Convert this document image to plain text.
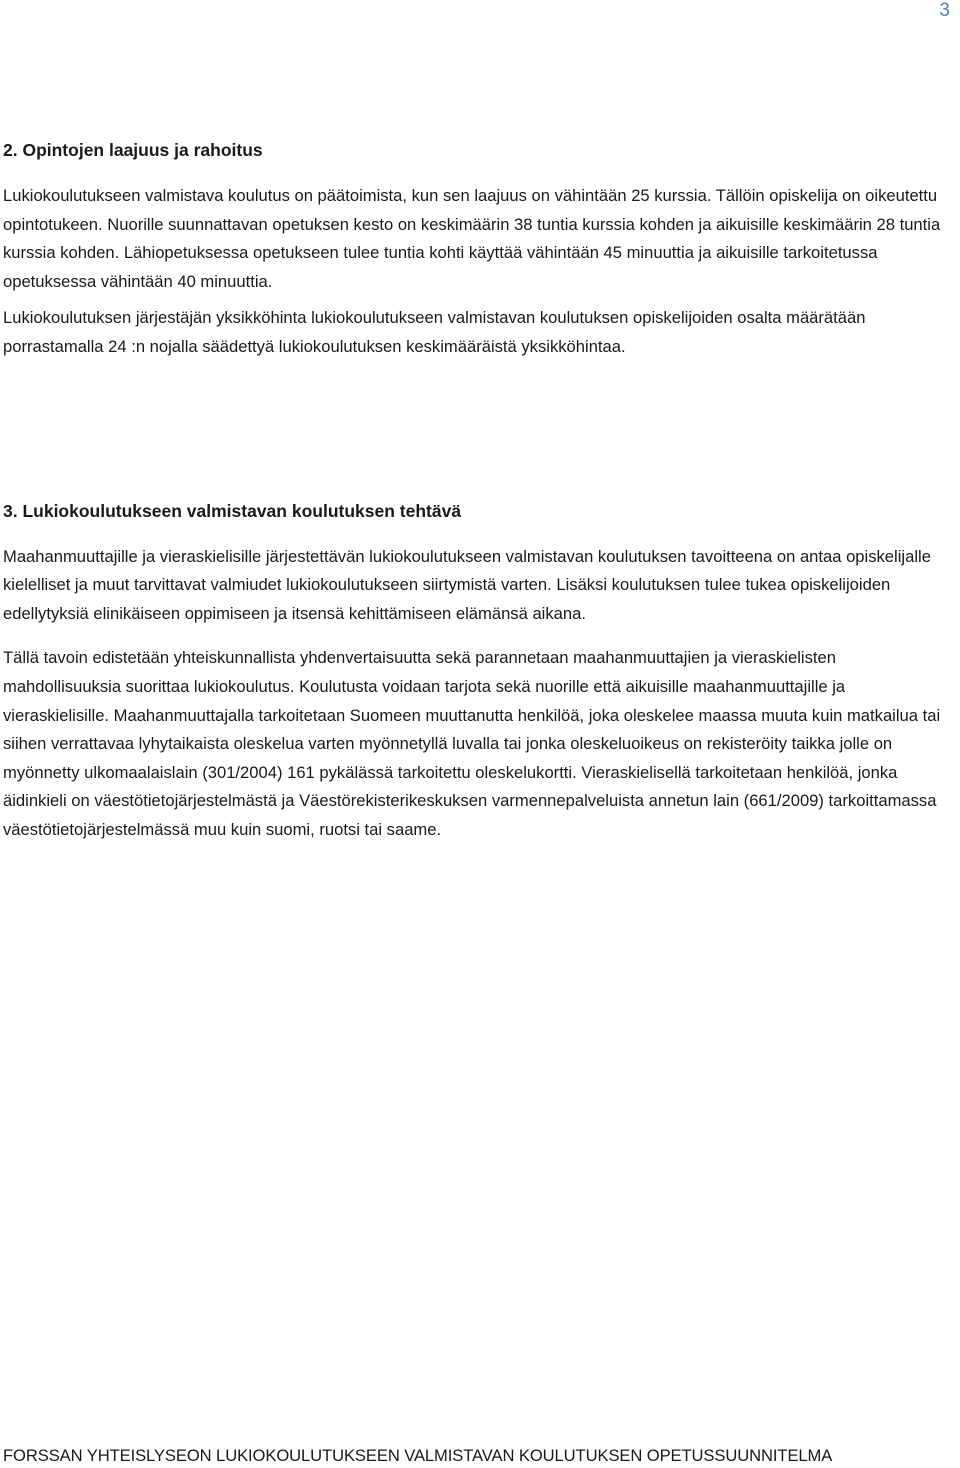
3
2. Opintojen laajuus ja rahoitus

Lukiokoulutukseen valmistava koulutus on päätoimista, kun sen laajuus on vähintään 25 kurssia. Tällöin opiskelija on oikeutettu opintotukeen. Nuorille suunnattavan opetuksen kesto on keskimäärin 38 tuntia kurssia kohden ja aikuisille keskimäärin 28 tuntia kurssia kohden. Lähiopetuksessa opetukseen tulee tuntia kohti käyttää vähintään 45 minuuttia ja aikuisille tarkoitetussa opetuksessa vähintään 40 minuuttia.

Lukiokoulutuksen järjestäjän yksikköhinta lukiokoulutukseen valmistavan koulutuksen opiskelijoiden osalta määrätään porrastamalla 24 :n nojalla säädettyä lukiokoulutuksen keskimääräistä yksikköhintaa.

3. Lukiokoulutukseen valmistavan koulutuksen tehtävä

Maahanmuuttajille ja vieraskielisille järjestettävän lukiokoulutukseen valmistavan koulutuksen tavoitteena on antaa opiskelijalle kielelliset ja muut tarvittavat valmiudet lukiokoulutukseen siirtymistä varten. Lisäksi koulutuksen tulee tukea opiskelijoiden edellytyksiä elinikäiseen oppimiseen ja itsensä kehittämiseen elämänsä aikana.

Tällä tavoin edistetään yhteiskunnallista yhdenvertaisuutta sekä parannetaan maahanmuuttajien ja vieraskielisten mahdollisuuksia suorittaa lukiokoulutus. Koulutusta voidaan tarjota sekä nuorille että aikuisille maahanmuuttajille ja vieraskielisille. Maahanmuuttajalla tarkoitetaan Suomeen muuttanutta henkilöä, joka oleskelee maassa muuta kuin matkailua tai siihen verrattavaa lyhytaikaista oleskelua varten myönnetyllä luvalla tai jonka oleskeluoikeus on rekisteröity taikka jolle on myönnetty ulkomaalaislain (301/2004) 161 pykälässä tarkoitettu oleskelukortti. Vieraskielisellä tarkoitetaan henkilöä, jonka äidinkieli on väestötietojärjestelmästä ja Väestörekisterikeskuksen varmennepalveluista annetun lain (661/2009) tarkoittamassa väestötietojärjestelmässä muu kuin suomi, ruotsi tai saame.

FORSSAN YHTEISLYSEON LUKIOKOULUTUKSEEN VALMISTAVAN KOULUTUKSEN OPETUSSUUNNITELMA
